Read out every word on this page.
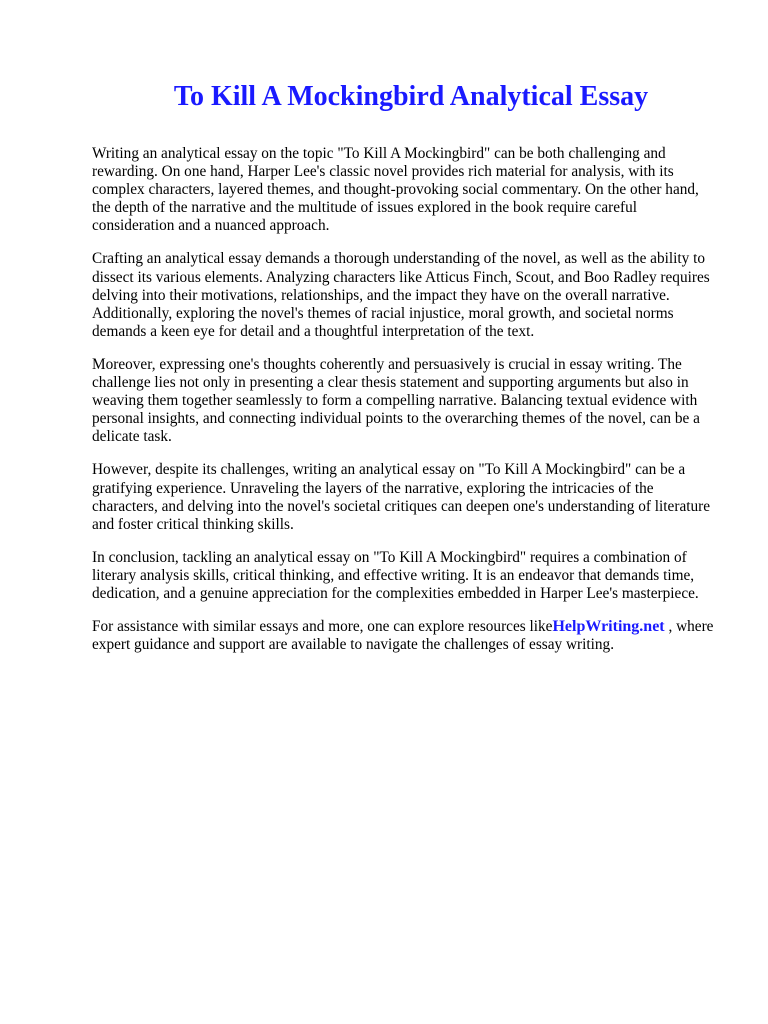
To Kill A Mockingbird Analytical Essay

Writing an analytical essay on the topic "To Kill A Mockingbird" can be both challenging and
rewarding. On one hand, Harper Lee's classic novel provides rich material for analysis, with its
complex characters, layered themes, and thought-provoking social commentary. On the other hand,
the depth of the narrative and the multitude of issues explored in the book require careful
consideration and a nuanced approach.

Crafting an analytical essay demands a thorough understanding of the novel, as well as the ability to
dissect its various elements. Analyzing characters like Atticus Finch, Scout, and Boo Radley requires
delving into their motivations, relationships, and the impact they have on the overall narrative.
Additionally, exploring the novel's themes of racial injustice, moral growth, and societal norms
demands a keen eye for detail and a thoughtful interpretation of the text.

Moreover, expressing one's thoughts coherently and persuasively is crucial in essay writing. The
challenge lies not only in presenting a clear thesis statement and supporting arguments but also in
weaving them together seamlessly to form a compelling narrative. Balancing textual evidence with
personal insights, and connecting individual points to the overarching themes of the novel, can be a
delicate task.

However, despite its challenges, writing an analytical essay on "To Kill A Mockingbird" can be a
gratifying experience. Unraveling the layers of the narrative, exploring the intricacies of the
characters, and delving into the novel's societal critiques can deepen one's understanding of literature
and foster critical thinking skills.

In conclusion, tackling an analytical essay on "To Kill A Mockingbird" requires a combination of
literary analysis skills, critical thinking, and effective writing. It is an endeavor that demands time,
dedication, and a genuine appreciation for the complexities embedded in Harper Lee's masterpiece.

For assistance with similar essays and more, one can explore resources likeHelpWriting.net , where
expert guidance and support are available to navigate the challenges of essay writing.
